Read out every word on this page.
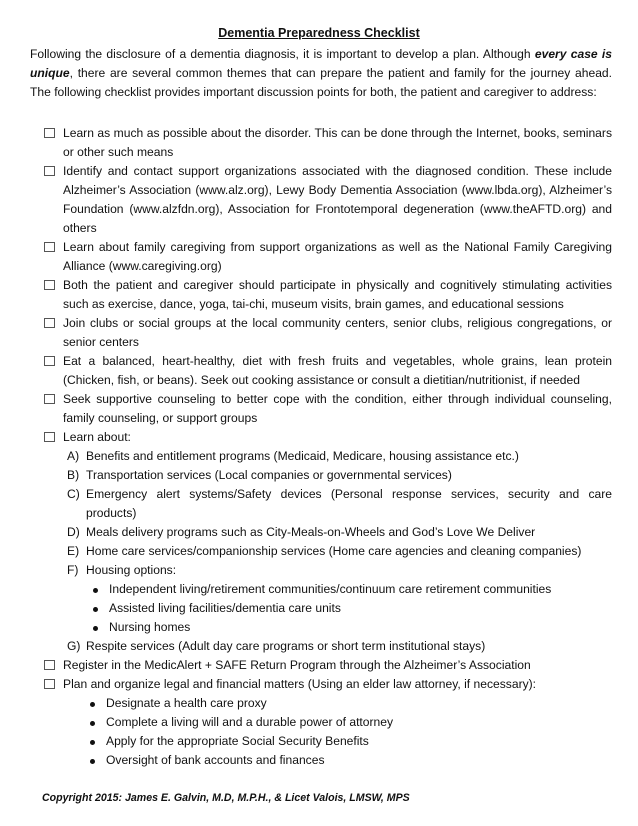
Dementia Preparedness Checklist
Following the disclosure of a dementia diagnosis, it is important to develop a plan. Although every case is unique, there are several common themes that can prepare the patient and family for the journey ahead. The following checklist provides important discussion points for both, the patient and caregiver to address:
Learn as much as possible about the disorder. This can be done through the Internet, books, seminars or other such means
Identify and contact support organizations associated with the diagnosed condition. These include Alzheimer’s Association (www.alz.org), Lewy Body Dementia Association (www.lbda.org), Alzheimer’s Foundation (www.alzfdn.org), Association for Frontotemporal degeneration (www.theAFTD.org) and others
Learn about family caregiving from support organizations as well as the National Family Caregiving Alliance (www.caregiving.org)
Both the patient and caregiver should participate in physically and cognitively stimulating activities such as exercise, dance, yoga, tai-chi, museum visits, brain games, and educational sessions
Join clubs or social groups at the local community centers, senior clubs, religious congregations, or senior centers
Eat a balanced, heart-healthy, diet with fresh fruits and vegetables, whole grains, lean protein (Chicken, fish, or beans). Seek out cooking assistance or consult a dietitian/nutritionist, if needed
Seek supportive counseling to better cope with the condition, either through individual counseling, family counseling, or support groups
Learn about:
A) Benefits and entitlement programs (Medicaid, Medicare, housing assistance etc.)
B) Transportation services (Local companies or governmental services)
C) Emergency alert systems/Safety devices (Personal response services, security and care products)
D) Meals delivery programs such as City-Meals-on-Wheels and God’s Love We Deliver
E) Home care services/companionship services (Home care agencies and cleaning companies)
F) Housing options:
Independent living/retirement communities/continuum care retirement communities
Assisted living facilities/dementia care units
Nursing homes
G) Respite services (Adult day care programs or short term institutional stays)
Register in the MedicAlert + SAFE Return Program through the Alzheimer’s Association
Plan and organize legal and financial matters (Using an elder law attorney, if necessary):
Designate a health care proxy
Complete a living will and a durable power of attorney
Apply for the appropriate Social Security Benefits
Oversight of bank accounts and finances
Copyright 2015: James E. Galvin, M.D, M.P.H., & Licet Valois, LMSW, MPS
